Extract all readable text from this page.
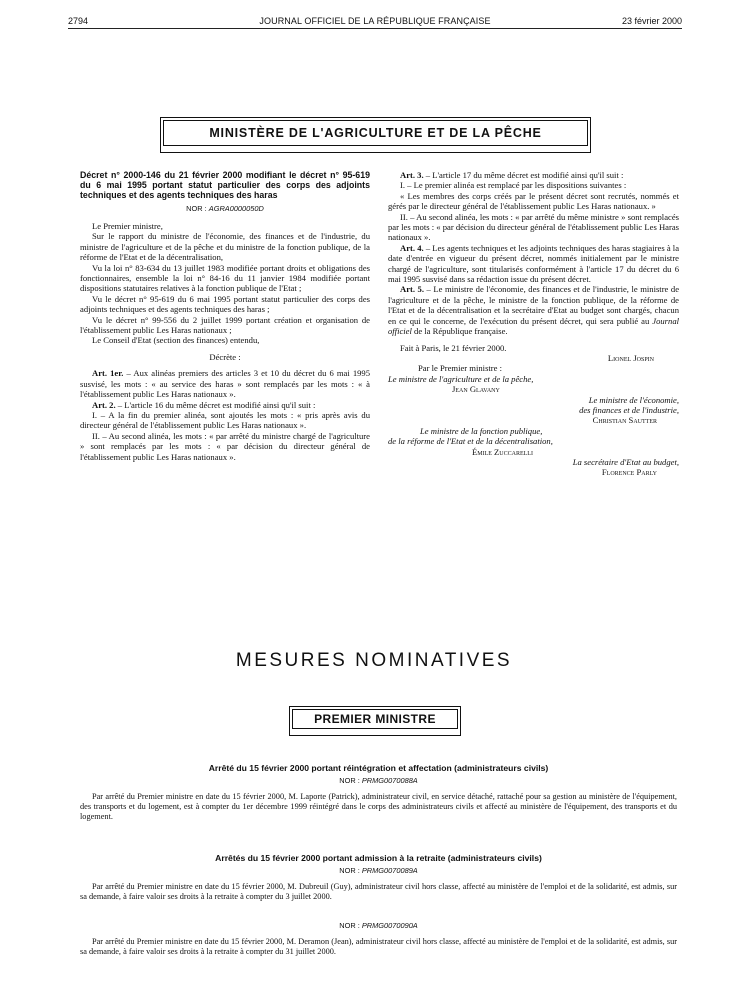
2794	JOURNAL OFFICIEL DE LA RÉPUBLIQUE FRANÇAISE	23 février 2000
MINISTÈRE DE L'AGRICULTURE ET DE LA PÊCHE

Décret n° 2000-146 du 21 février 2000 modifiant le décret n° 95-619 du 6 mai 1995 portant statut particulier des corps des adjoints techniques et des agents techniques des haras

NOR : AGRA0000050D

Le Premier ministre,

Sur le rapport du ministre de l'économie, des finances et de l'industrie, du ministre de l'agriculture et de la pêche et du ministre de la fonction publique, de la réforme de l'Etat et de la décentralisation,

Vu la loi n° 83-634 du 13 juillet 1983 modifiée portant droits et obligations des fonctionnaires, ensemble la loi n° 84-16 du 11 janvier 1984 modifiée portant dispositions statutaires relatives à la fonction publique de l'Etat ;

Vu le décret n° 95-619 du 6 mai 1995 portant statut particulier des corps des adjoints techniques et des agents techniques des haras ;

Vu le décret n° 99-556 du 2 juillet 1999 portant création et organisation de l'établissement public Les Haras nationaux ;

Le Conseil d'Etat (section des finances) entendu,

Décrète :

Art. 1er. – Aux alinéas premiers des articles 3 et 10 du décret du 6 mai 1995 susvisé, les mots : « au service des haras » sont remplacés par les mots : « à l'établissement public Les Haras nationaux ».

Art. 2. – L'article 16 du même décret est modifié ainsi qu'il suit :

I. – A la fin du premier alinéa, sont ajoutés les mots : « pris après avis du directeur général de l'établissement public Les Haras nationaux ».

II. – Au second alinéa, les mots : « par arrêté du ministre chargé de l'agriculture » sont remplacés par les mots : « par décision du directeur général de l'établissement public Les Haras nationaux ».

Art. 3. – L'article 17 du même décret est modifié ainsi qu'il suit :

I. – Le premier alinéa est remplacé par les dispositions suivantes :

« Les membres des corps créés par le présent décret sont recrutés, nommés et gérés par le directeur général de l'établissement public Les Haras nationaux. »

II. – Au second alinéa, les mots : « par arrêté du même ministre » sont remplacés par les mots : « par décision du directeur général de l'établissement public Les Haras nationaux ».

Art. 4. – Les agents techniques et les adjoints techniques des haras stagiaires à la date d'entrée en vigueur du présent décret, nommés initialement par le ministre chargé de l'agriculture, sont titularisés conformément à l'article 17 du décret du 6 mai 1995 susvisé dans sa rédaction issue du présent décret.

Art. 5. – Le ministre de l'économie, des finances et de l'industrie, le ministre de l'agriculture et de la pêche, le ministre de la fonction publique, de la réforme de l'Etat et de la décentralisation et la secrétaire d'Etat au budget sont chargés, chacun en ce qui le concerne, de l'exécution du présent décret, qui sera publié au Journal officiel de la République française.

Fait à Paris, le 21 février 2000.

Lionel Jospin

Par le Premier ministre :

Le ministre de l'agriculture et de la pêche,

Jean Glavany

Le ministre de l'économie,

des finances et de l'industrie,

Christian Sautter

Le ministre de la fonction publique,

de la réforme de l'Etat et de la décentralisation,

Émile Zuccarelli

La secrétaire d'Etat au budget,

Florence Parly

MESURES NOMINATIVES
PREMIER MINISTRE
Arrêté du 15 février 2000 portant réintégration et affectation (administrateurs civils)
NOR : PRMG0070088A
Par arrêté du Premier ministre en date du 15 février 2000, M. Laporte (Patrick), administrateur civil, en service détaché, rattaché pour sa gestion au ministère de l'équipement, des transports et du logement, est à compter du 1er décembre 1999 réintégré dans le corps des administrateurs civils et affecté au ministère de l'équipement, des transports et du logement.
Arrêtés du 15 février 2000 portant admission à la retraite (administrateurs civils)
NOR : PRMG0070089A
Par arrêté du Premier ministre en date du 15 février 2000, M. Dubreuil (Guy), administrateur civil hors classe, affecté au ministère de l'emploi et de la solidarité, est admis, sur sa demande, à faire valoir ses droits à la retraite à compter du 3 juillet 2000.
NOR : PRMG0070090A
Par arrêté du Premier ministre en date du 15 février 2000, M. Deramon (Jean), administrateur civil hors classe, affecté au ministère de l'emploi et de la solidarité, est admis, sur sa demande, à faire valoir ses droits à la retraite à compter du 31 juillet 2000.
